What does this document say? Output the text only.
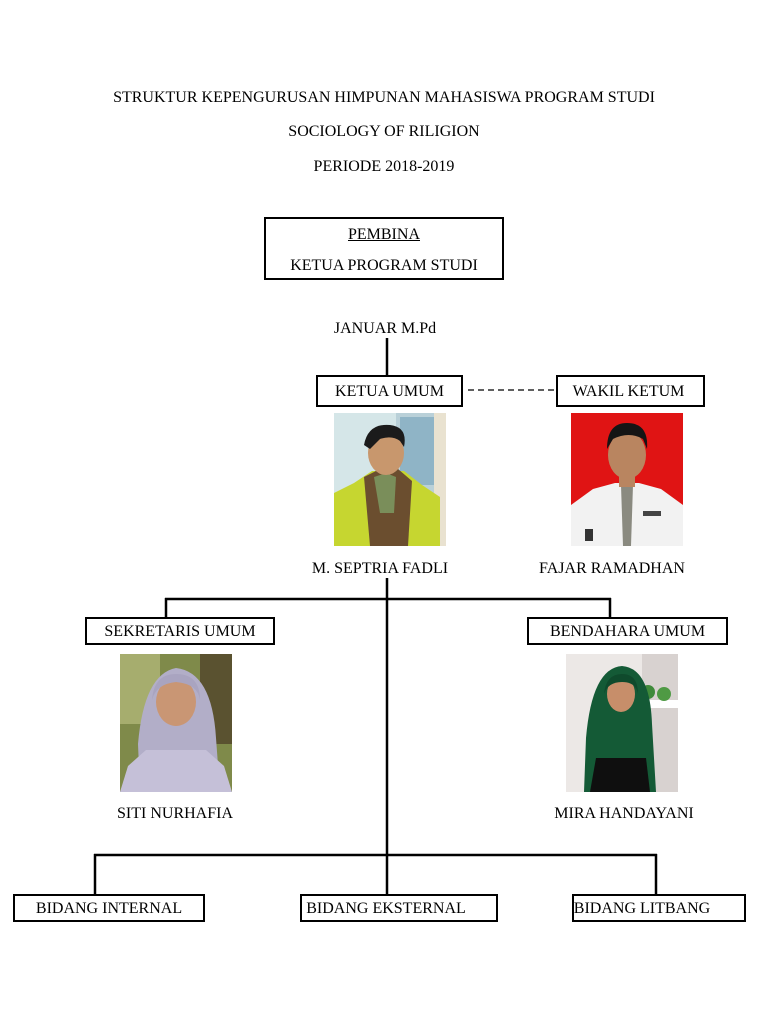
STRUKTUR KEPENGURUSAN HIMPUNAN MAHASISWA PROGRAM STUDI
SOCIOLOGY OF RILIGION
PERIODE 2018-2019
PEMBINA
KETUA PROGRAM STUDI
JANUAR M.Pd
KETUA UMUM
M. SEPTRIA FADLI
WAKIL KETUM
FAJAR RAMADHAN
SEKRETARIS UMUM
SITI NURHAFIA
BENDAHARA UMUM
MIRA HANDAYANI
BIDANG INTERNAL	BIDANG EKSTERNAL	BIDANG LITBANG
